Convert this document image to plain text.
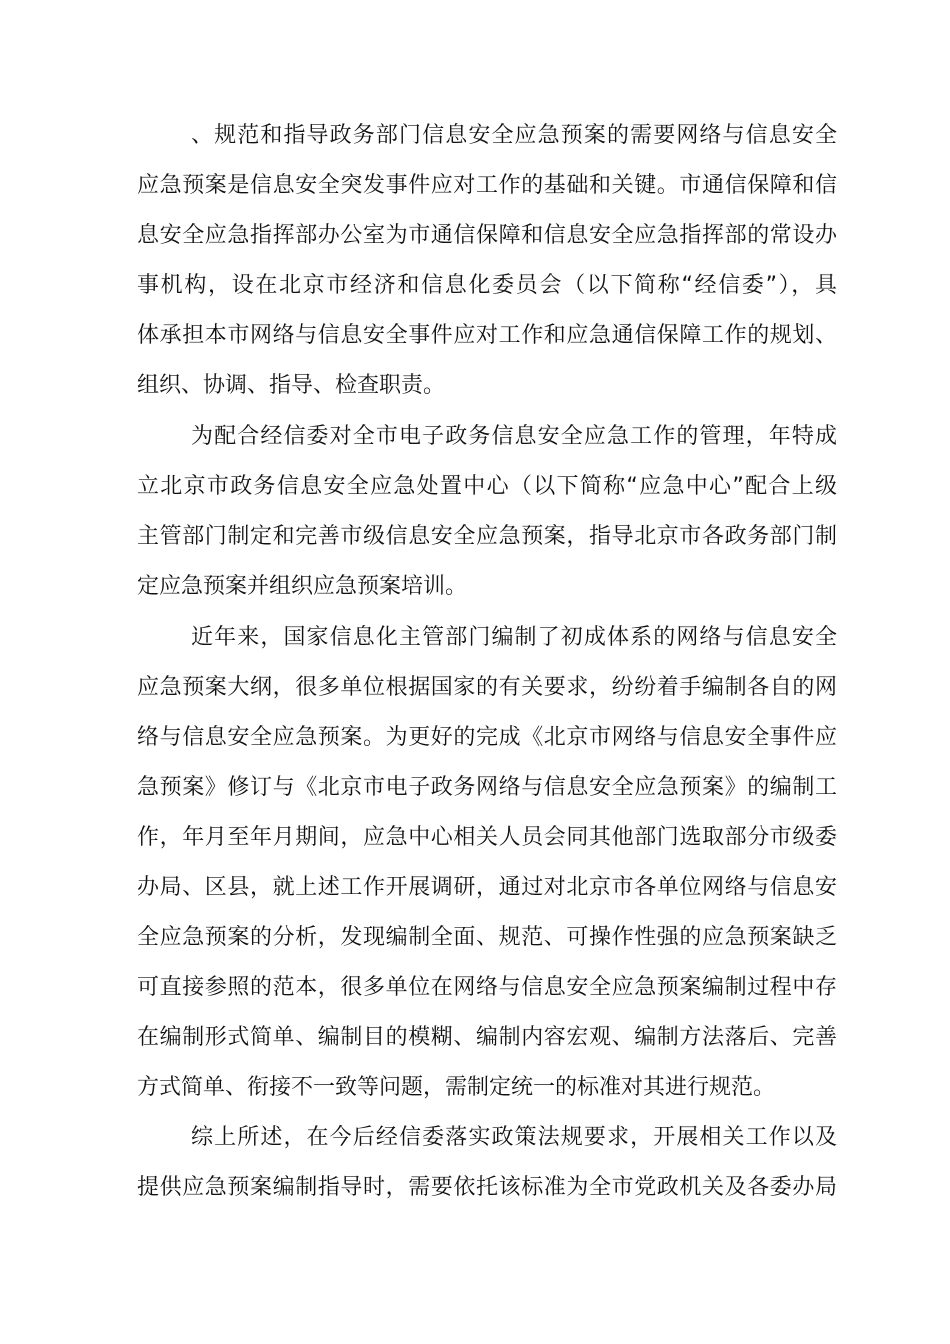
、规范和指导政务部门信息安全应急预案的需要网络与信息安全
应急预案是信息安全突发事件应对工作的基础和关键。市通信保障和信
息安全应急指挥部办公室为市通信保障和信息安全应急指挥部的常设办
事机构，设在北京市经济和信息化委员会（以下简称“经信委”），具
体承担本市网络与信息安全事件应对工作和应急通信保障工作的规划、
组织、协调、指导、检查职责。
为配合经信委对全市电子政务信息安全应急工作的管理，年特成
立北京市政务信息安全应急处置中心（以下简称“应急中心”配合上级
主管部门制定和完善市级信息安全应急预案，指导北京市各政务部门制
定应急预案并组织应急预案培训。
近年来，国家信息化主管部门编制了初成体系的网络与信息安全
应急预案大纲，很多单位根据国家的有关要求，纷纷着手编制各自的网
络与信息安全应急预案。为更好的完成《北京市网络与信息安全事件应
急预案》修订与《北京市电子政务网络与信息安全应急预案》的编制工
作，年月至年月期间，应急中心相关人员会同其他部门选取部分市级委
办局、区县，就上述工作开展调研，通过对北京市各单位网络与信息安
全应急预案的分析，发现编制全面、规范、可操作性强的应急预案缺乏
可直接参照的范本，很多单位在网络与信息安全应急预案编制过程中存
在编制形式简单、编制目的模糊、编制内容宏观、编制方法落后、完善
方式简单、衔接不一致等问题，需制定统一的标准对其进行规范。
综上所述，在今后经信委落实政策法规要求，开展相关工作以及
提供应急预案编制指导时，需要依托该标准为全市党政机关及各委办局
